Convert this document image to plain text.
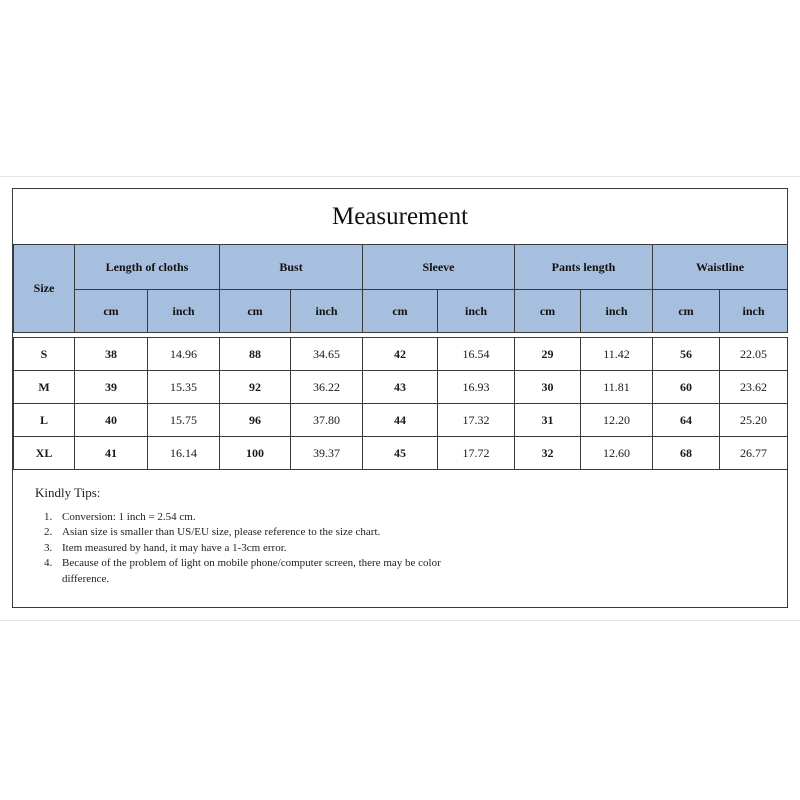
Measurement
Size	Length of cloths		Bust		Sleeve		Pants length		Waistline	
	cm	inch	cm	inch	cm	inch	cm	inch	cm	inch

S	38	14.96	88	34.65	42	16.54	29	11.42	56	22.05
M	39	15.35	92	36.22	43	16.93	30	11.81	60	23.62
L	40	15.75	96	37.80	44	17.32	31	12.20	64	25.20
XL	41	16.14	100	39.37	45	17.72	32	12.60	68	26.77
Kindly Tips:
1. Conversion: 1 inch = 2.54 cm.
2. Asian size is smaller than US/EU size, please reference to the size chart.
3. Item measured by hand, it may have a 1-3cm error.
4. Because of the problem of light on mobile phone/computer screen, there may be color difference.
